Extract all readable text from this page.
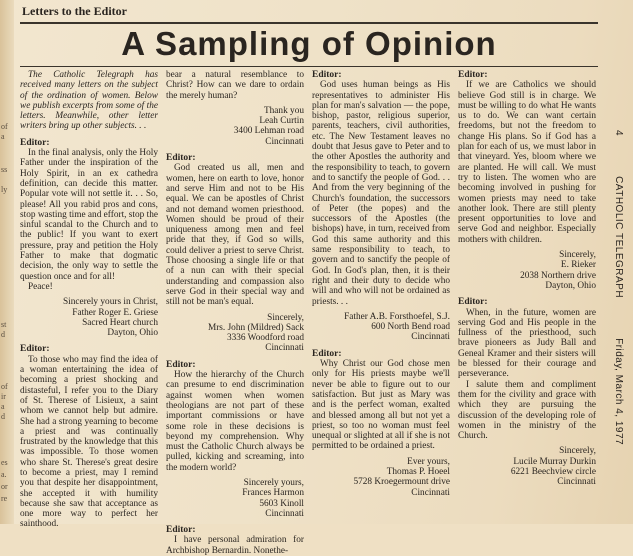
of
a
ss
ly
st
d
of
ir
a
d
es
a.
or
re
Letters to the Editor
A Sampling of Opinion

The Catholic Telegraph has received many letters on the subject of the ordination of women. Below we publish excerpts from some of the letters. Meanwhile, other letter writers bring up other subjects. . .

Editor:

In the final analysis, only the Holy Father under the inspiration of the Holy Spirit, in an ex cathedra definition, can decide this matter. Popular vote will not settle it. . . So, please! All you rabid pros and cons, stop wasting time and effort, stop the sinful scandal to the Church and to the public! If you want to exert pressure, pray and petition the Holy Father to make that dogmatic decision, the only way to settle the question once and for all!

Peace!

Sincerely yours in Christ,

Father Roger E. Griese

Sacred Heart church

Dayton, Ohio

Editor:

To those who may find the idea of a woman entertaining the idea of becoming a priest shocking and distasteful, I refer you to the Diary of St. Therese of Lisieux, a saint whom we cannot help but admire. She had a strong yearning to become a priest and was continually frustrated by the knowledge that this was impossible. To those women who share St. Therese's great desire to become a priest, may I remind you that despite her disappointment, she accepted it with humility because she saw that acceptance as one more way to perfect her sainthood.

bear a natural resemblance to Christ? How can we dare to ordain the merely human?

Thank you

Leah Curtin

3400 Lehman road

Cincinnati

Editor:

God created us all, men and women, here on earth to love, honor and serve Him and not to be His equal. We can be apostles of Christ and not demand women priesthood. Women should be proud of their uniqueness among men and feel pride that they, if God so wills, could deliver a priest to serve Christ. Those choosing a single life or that of a nun can with their special understanding and compassion also serve God in their special way and still not be man's equal.

Sincerely,

Mrs. John (Mildred) Sack

3336 Woodford road

Cincinnati

Editor:

How the hierarchy of the Church can presume to end discrimination against women when women theologians are not part of these important commissions or have some role in these decisions is beyond my comprehension. Why must the Catholic Church always be pulled, kicking and screaming, into the modern world?

Sincerely yours,

Frances Harmon

5603 Kinoll

Cincinnati

Editor:

I have personal admiration for Archbishop Bernardin. Nonethe-

Editor:

God uses human beings as His representatives to administer His plan for man's salvation — the pope, bishop, pastor, religious superior, parents, teachers, civil authorities, etc. The New Testament leaves no doubt that Jesus gave to Peter and to the other Apostles the authority and the responsibility to teach, to govern and to sanctify the people of God. . . And from the very beginning of the Church's foundation, the successors of Peter (the popes) and the successors of the Apostles (the bishops) have, in turn, received from God this same authority and this same responsibility to teach, to govern and to sanctify the people of God. In God's plan, then, it is their right and their duty to decide who will and who will not be ordained as priests. . .

Father A.B. Forsthoefel, S.J.

600 North Bend road

Cincinnati

Editor:

Why Christ our God chose men only for His priests maybe we'll never be able to figure out to our satisfaction. But just as Mary was and is the perfect woman, exalted and blessed among all but not yet a priest, so too no woman must feel unequal or slighted at all if she is not permitted to be ordained a priest.

Ever yours,

Thomas P. Hoeel

5728 Kroegermount drive

Cincinnati

Editor:

If we are Catholics we should believe God still is in charge. We must be willing to do what He wants us to do. We can want certain freedoms, but not the freedom to change His plans. So if God has a plan for each of us, we must labor in that vineyard. Yes, bloom where we are planted. He will call. We must try to listen. The women who are becoming involved in pushing for women priests may need to take another look. There are still plenty present opportunities to love and serve God and neighbor. Especially mothers with children.

Sincerely,

E. Rieker

2038 Northern drive

Dayton, Ohio

Editor:

When, in the future, women are serving God and His people in the fullness of the priesthood, such brave pioneers as Judy Ball and Geneal Kramer and their sisters will be blessed for their courage and perseverance.

I salute them and compliment them for the civility and grace with which they are pursuing the discussion of the developing role of women in the ministry of the Church.

Sincerely,

Lucile Murray Durkin

6221 Beechview circle

Cincinnati

4CATHOLIC TELEGRAPHFriday, March 4, 1977
